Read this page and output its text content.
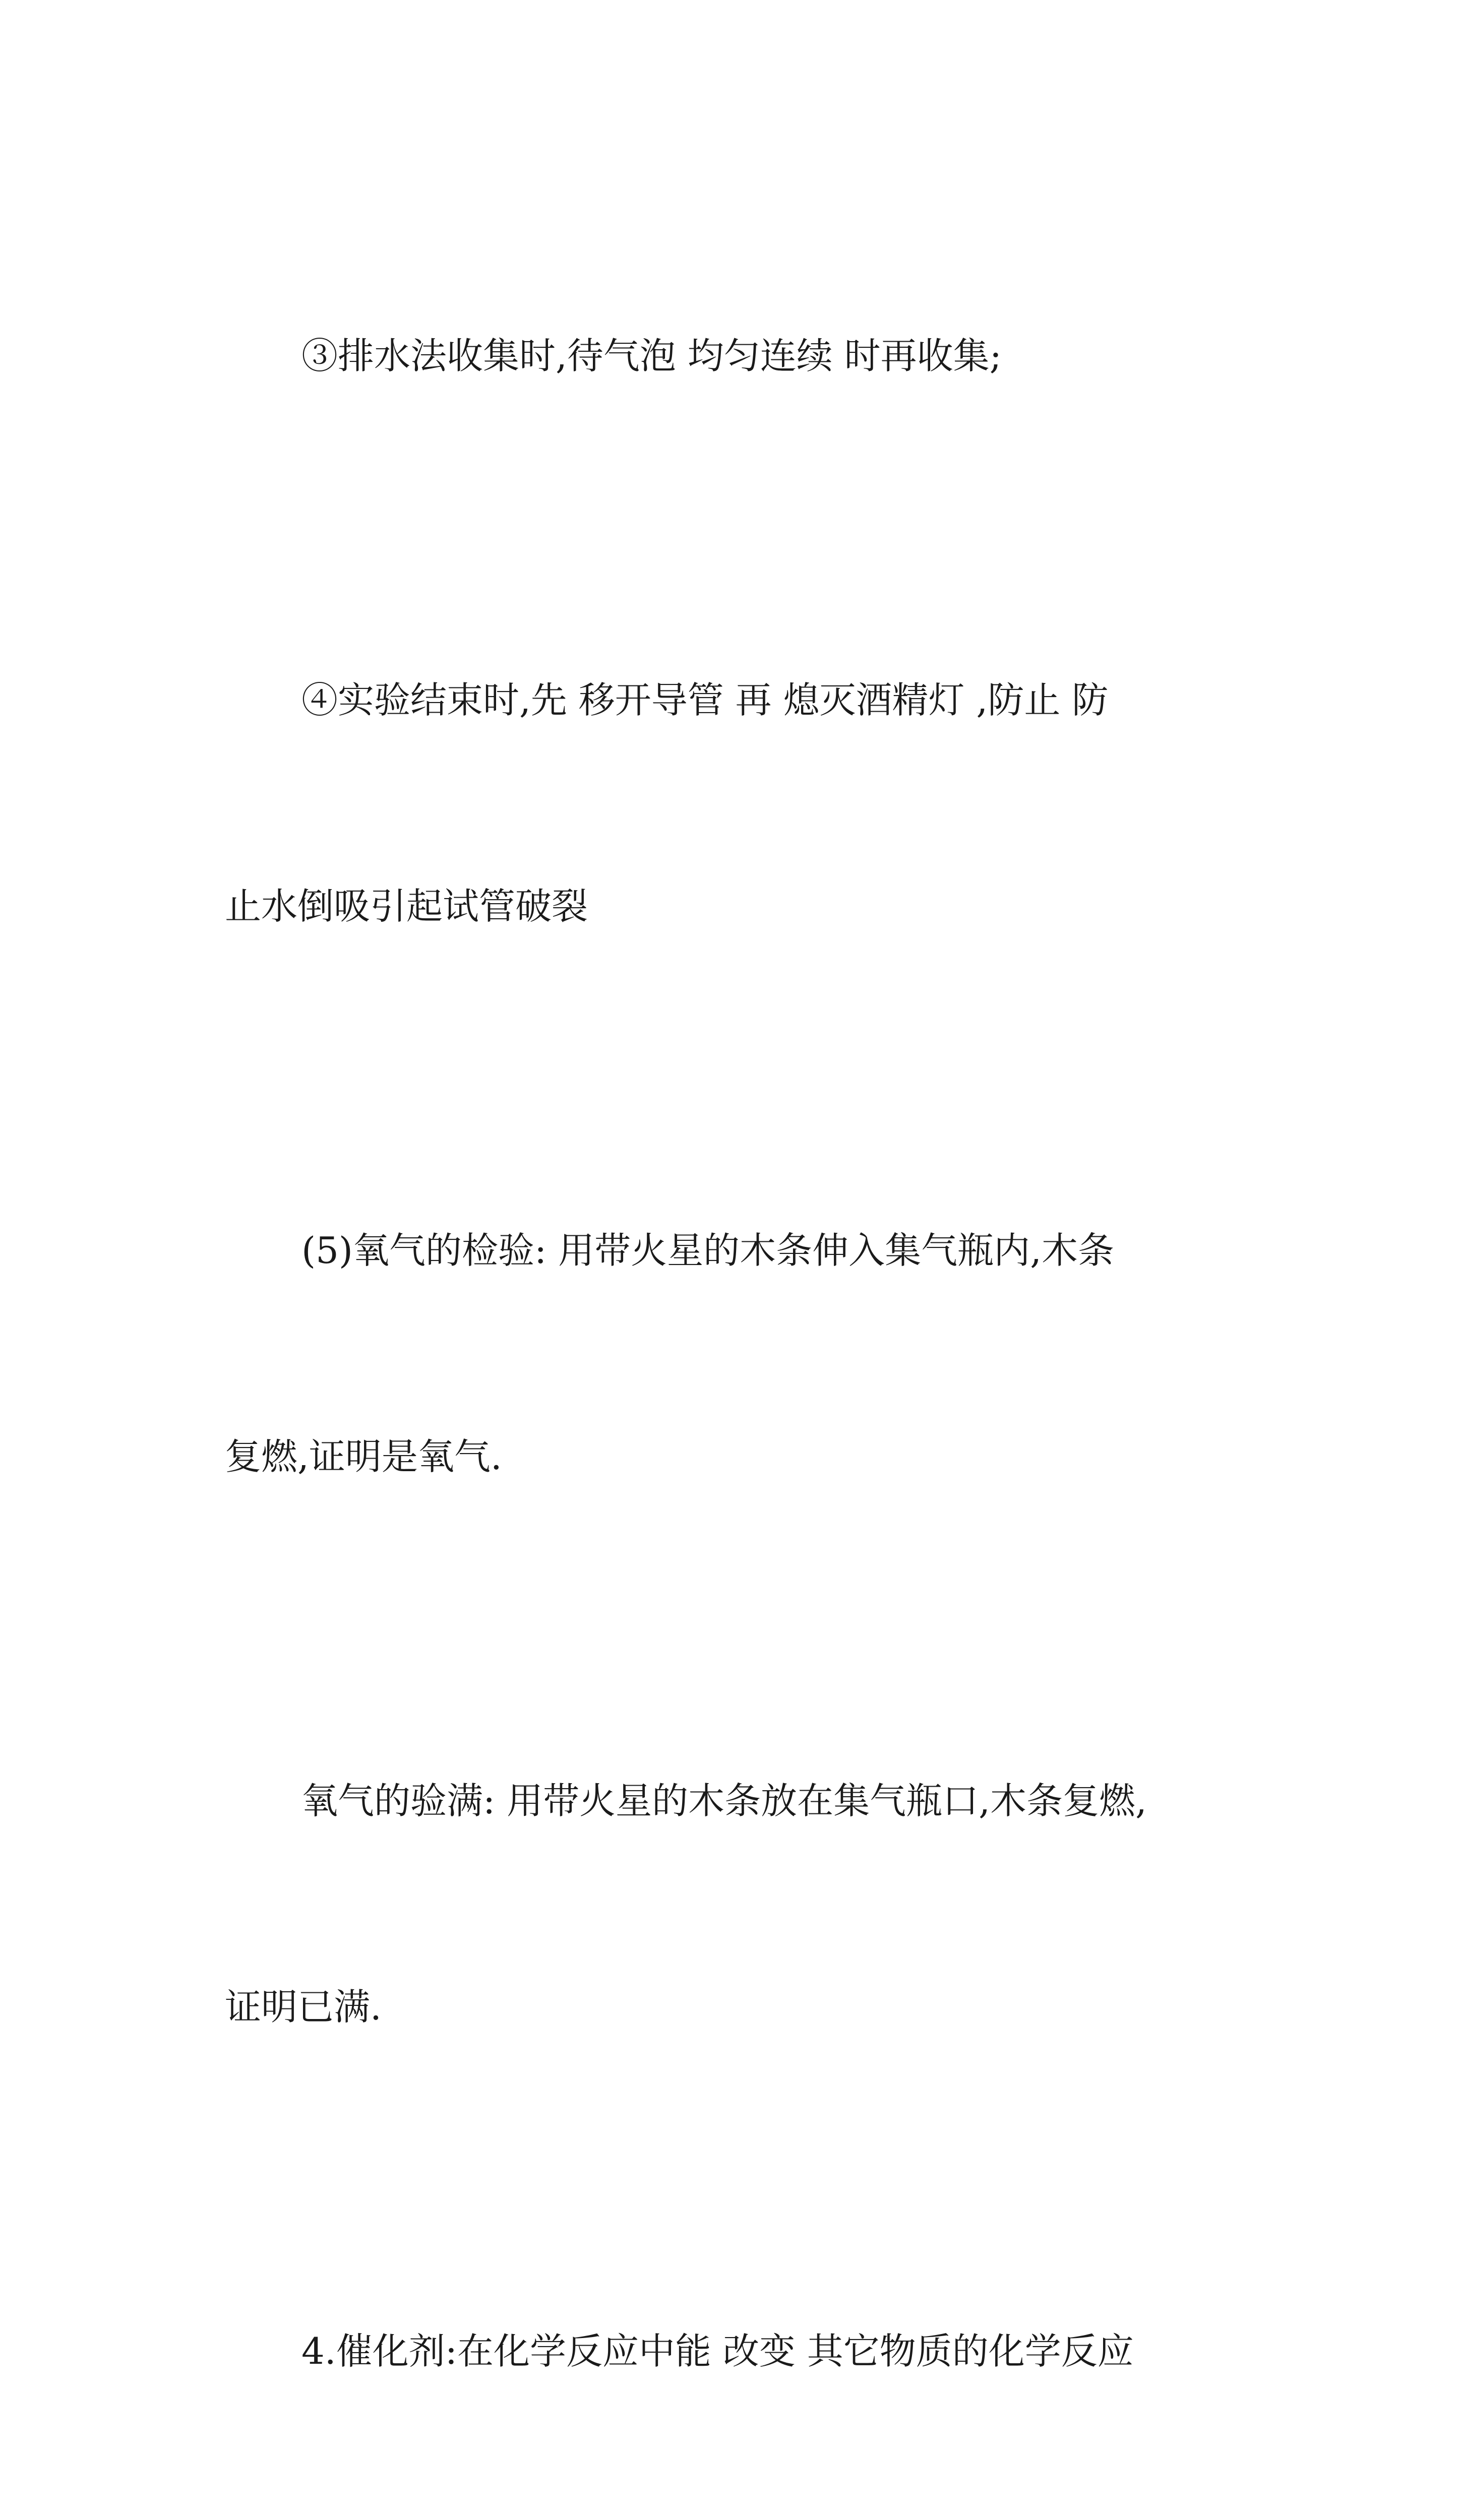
③排水法收集时,待气泡 均匀连续 时再收集;

④实验结束时,先 移开导管 再 熄灭酒精灯 ,防止 防

止水倒吸引起试管破裂

(5)氧气的检验: 用带火星的木条伸入集气瓶内,木条

复燃,证明是氧气.

氧气的验满: 用带火星的木条放在集气瓶口,木条复燃,

证明已满.

4.催化剂:在化学反应中能 改变 其它物质的化学反应
